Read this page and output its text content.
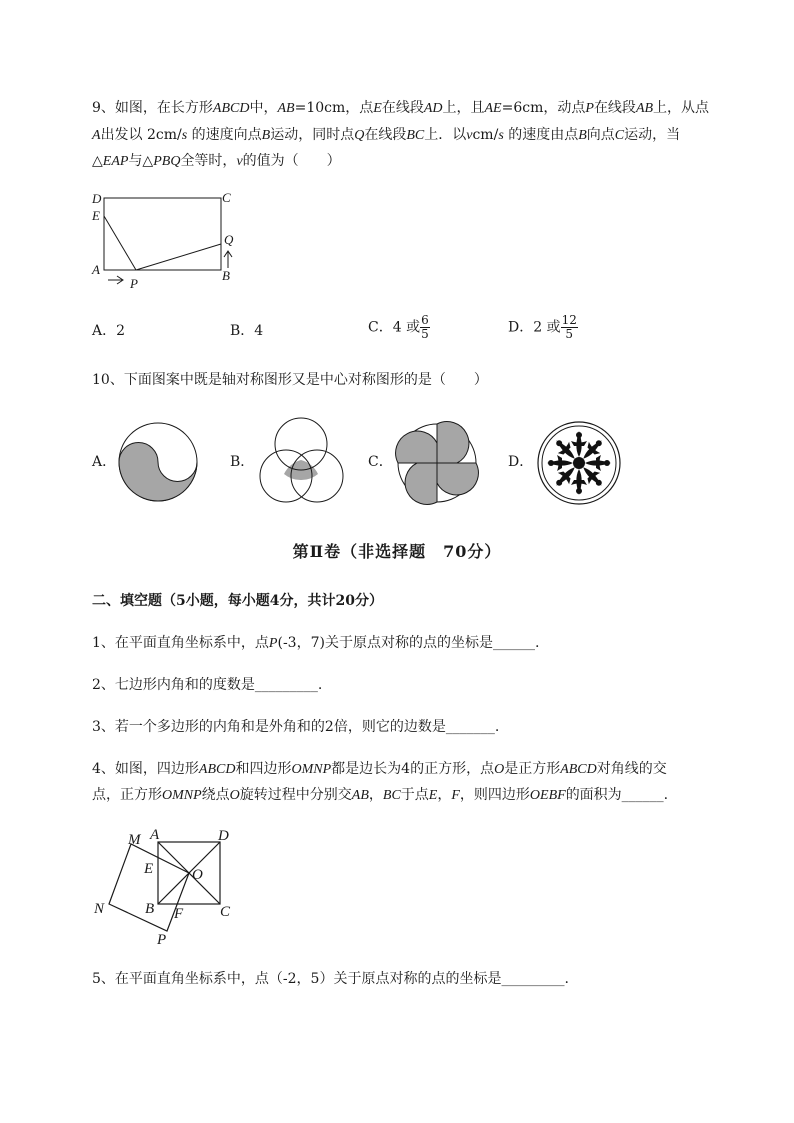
9、如图，在长方形ABCD中，AB=10cm，点E在线段AD上，且AE=6cm，动点P在线段AB上，从点
A出发以 2cm/s 的速度向点B运动，同时点Q在线段BC上．以vcm/s 的速度由点B向点C运动，当
△EAP与△PBQ全等时，v的值为（　　）
D
E
A
P
C
Q
B
A．2	B．4	C．4 或 $\frac{6}{5}$	D．2 或 $\frac{12}{5}$
10、下面图案中既是轴对称图形又是中心对称图形的是（　　）
A．	B．	C．	D．
第Ⅱ卷（非选择题　70分）
二、填空题（5小题，每小题4分，共计20分）
1、在平面直角坐标系中，点P(-3，7)关于原点对称的点的坐标是______.
2、七边形内角和的度数是_________.
3、若一个多边形的内角和是外角和的2倍，则它的边数是_______.
4、如图，四边形ABCD和四边形OMNP都是边长为4的正方形，点O是正方形ABCD对角线的交
点，正方形OMNP绕点O旋转过程中分别交AB，BC于点E，F，则四边形OEBF的面积为______.
M A	D
E	O
N	B F C
P
5、在平面直角坐标系中，点（-2，5）关于原点对称的点的坐标是_________.
